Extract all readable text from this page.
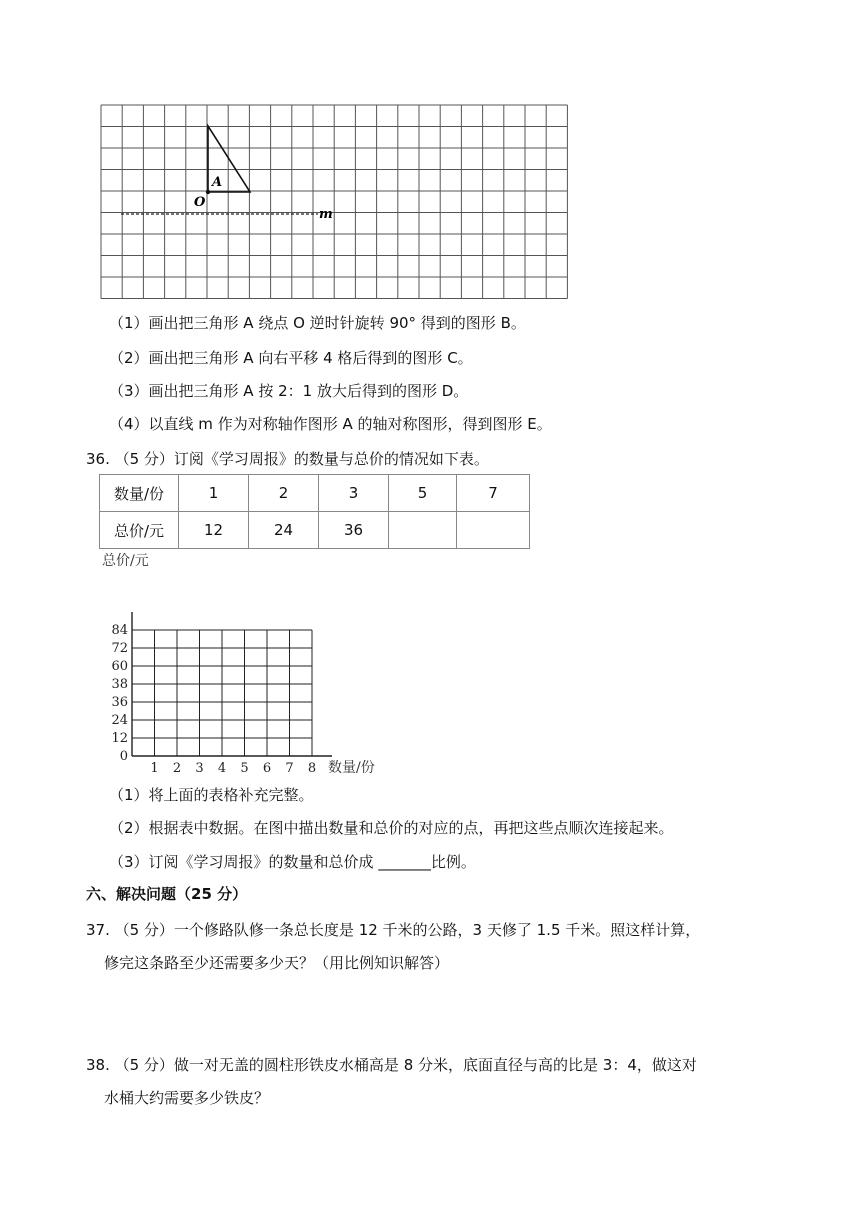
A
O
m
（1）画出把三角形 A 绕点 O 逆时针旋转 90° 得到的图形 B。
（2）画出把三角形 A 向右平移 4 格后得到的图形 C。
（3）画出把三角形 A 按 2：1 放大后得到的图形 D。
（4）以直线 m 作为对称轴作图形 A 的轴对称图形，得到图形 E。
36. （5 分）订阅《学习周报》的数量与总价的情况如下表。
数量/份	1	2	3	5	7
总价/元	12	24	36		
总价/元
0
12
24
36
38
60
72
84
1 2 3 4 5 6 7 8 数量/份
（1）将上面的表格补充完整。
（2）根据表中数据。在图中描出数量和总价的对应的点，再把这些点顺次连接起来。
（3）订阅《学习周报》的数量和总价成 _______比例。
六、解决问题（25 分）
37. （5 分）一个修路队修一条总长度是 12 千米的公路，3 天修了 1.5 千米。照这样计算，
修完这条路至少还需要多少天？（用比例知识解答）
38. （5 分）做一对无盖的圆柱形铁皮水桶高是 8 分米，底面直径与高的比是 3：4，做这对
水桶大约需要多少铁皮？
